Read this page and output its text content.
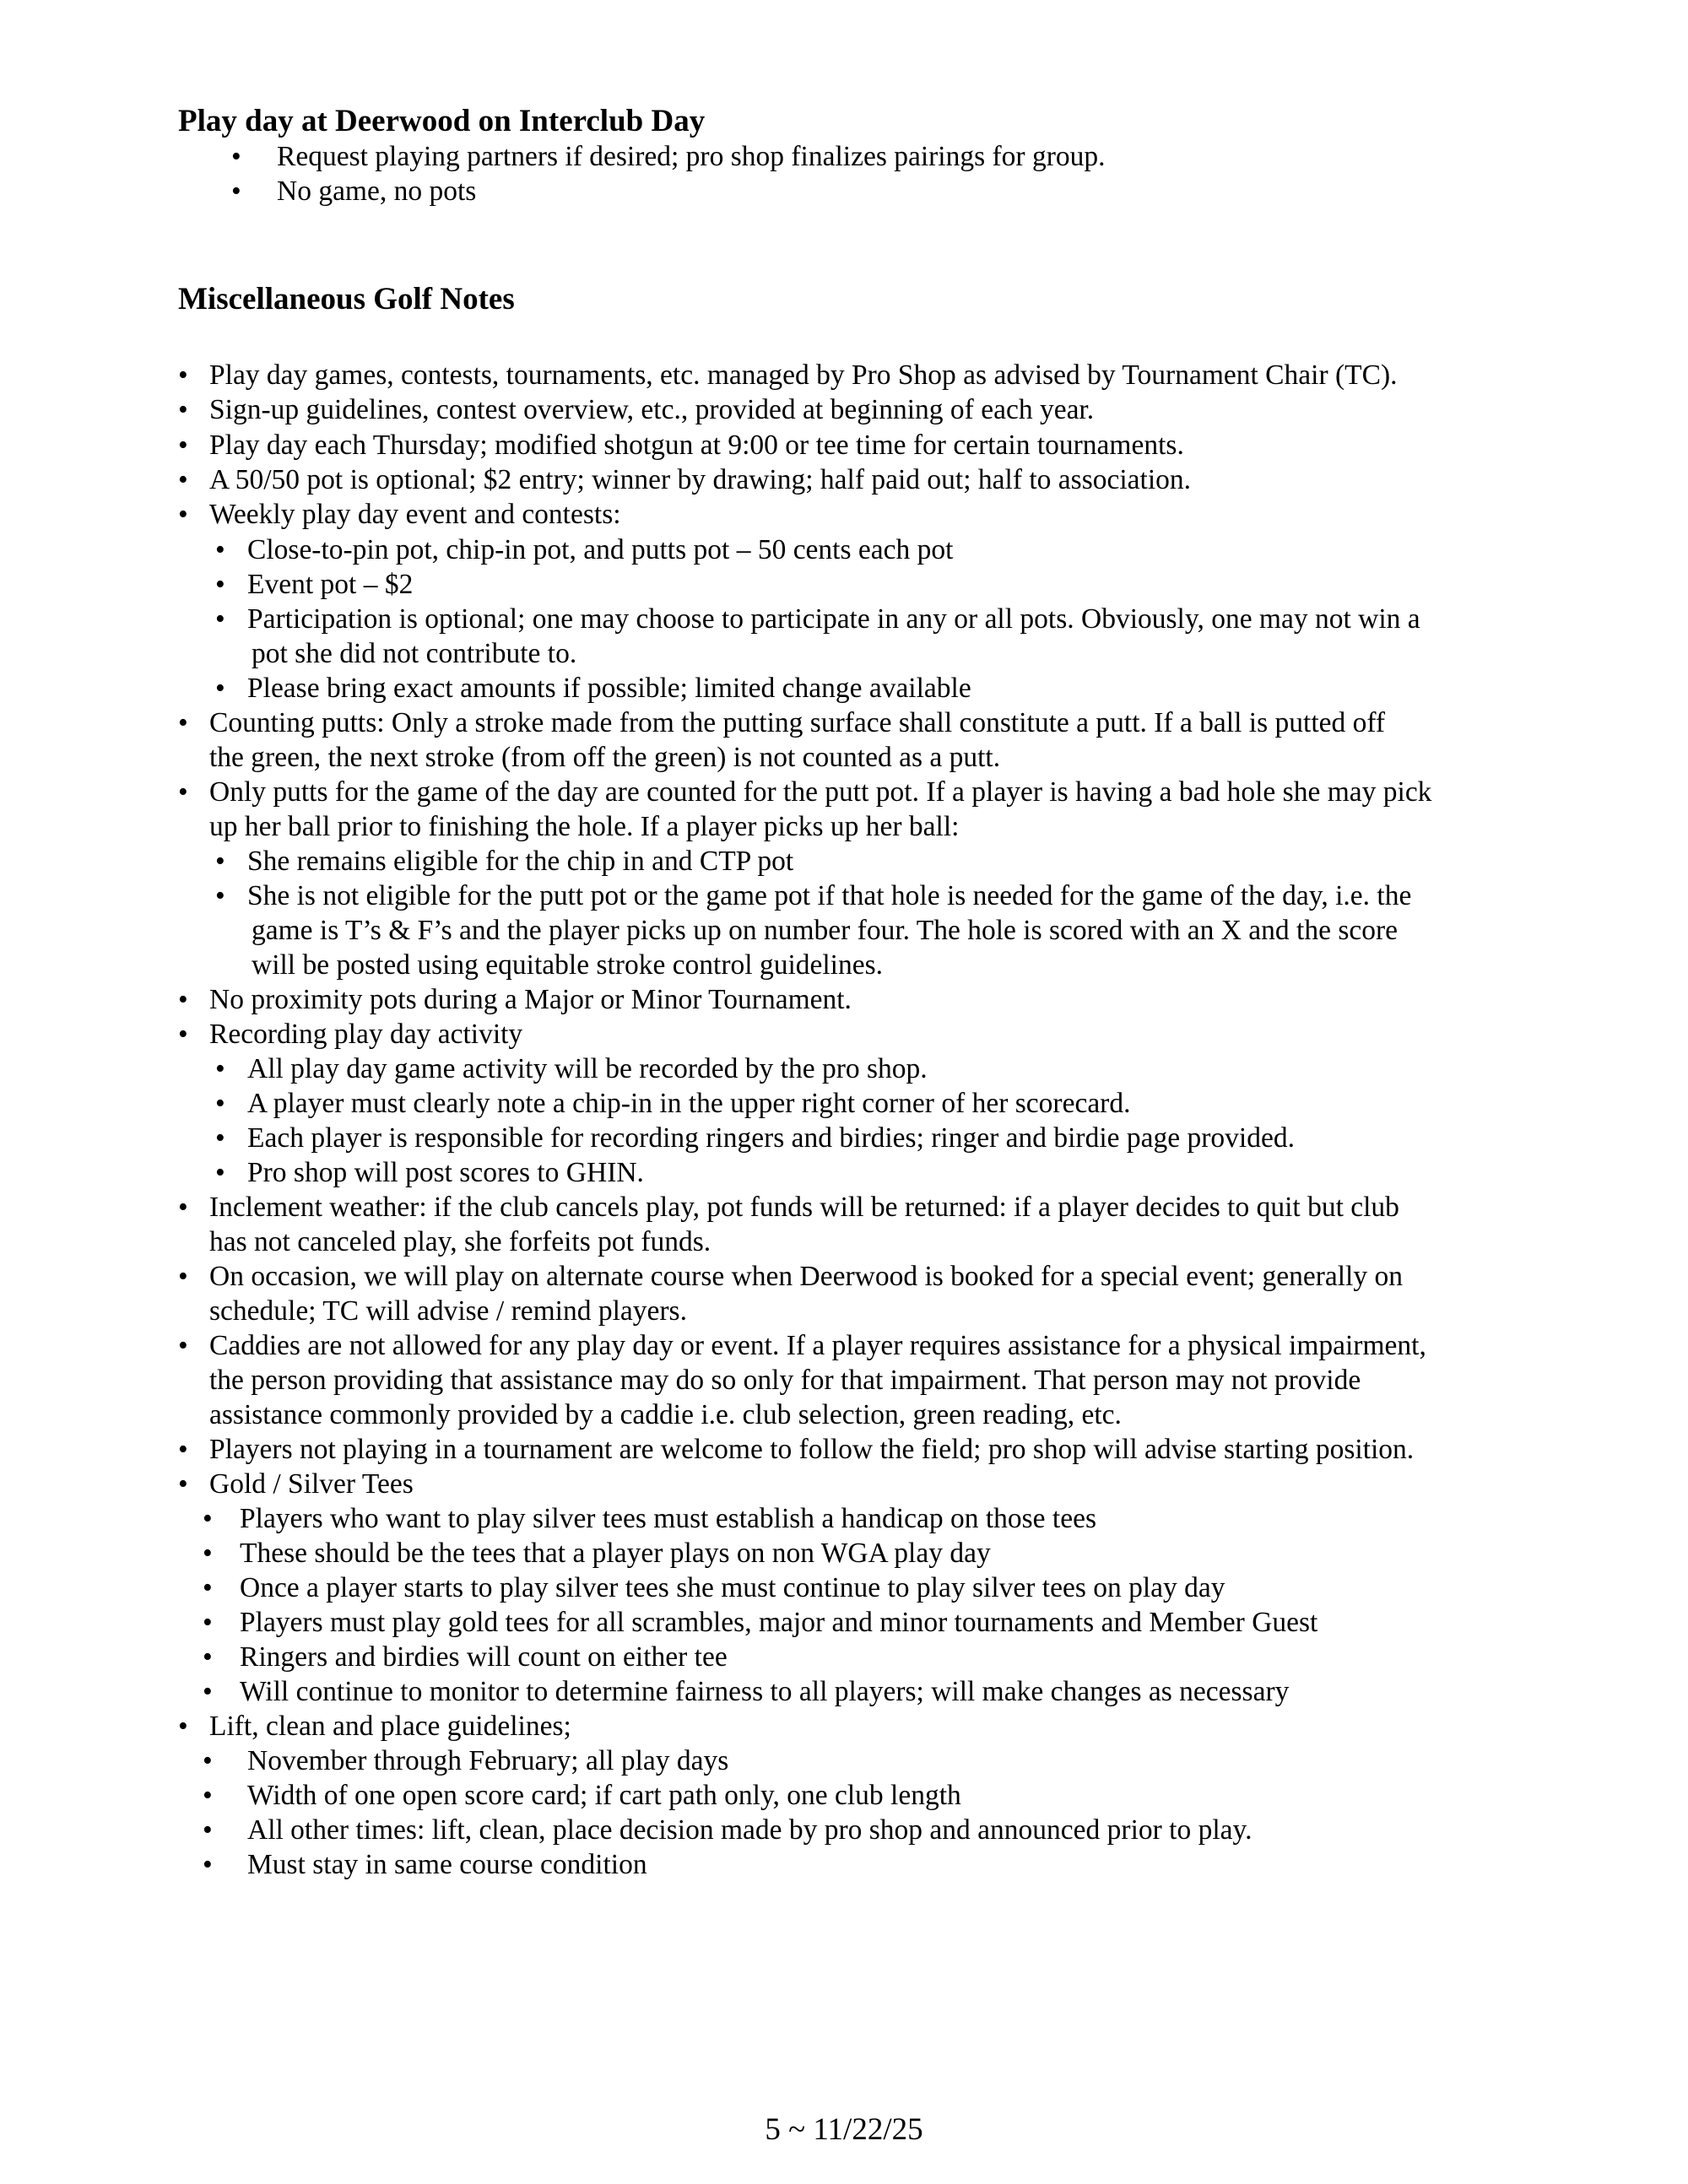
Play day at Deerwood on Interclub Day
• Request playing partners if desired; pro shop finalizes pairings for group.
• No game, no pots
Miscellaneous Golf Notes
• Play day games, contests, tournaments, etc. managed by Pro Shop as advised by Tournament Chair (TC).
• Sign-up guidelines, contest overview, etc., provided at beginning of each year.
• Play day each Thursday; modified shotgun at 9:00 or tee time for certain tournaments.
• A 50/50 pot is optional; $2 entry; winner by drawing; half paid out; half to association.
• Weekly play day event and contests:
• Close-to-pin pot, chip-in pot, and putts pot – 50 cents each pot
• Event pot – $2
• Participation is optional; one may choose to participate in any or all pots. Obviously, one may not win a
pot she did not contribute to.
• Please bring exact amounts if possible; limited change available
• Counting putts: Only a stroke made from the putting surface shall constitute a putt. If a ball is putted off
the green, the next stroke (from off the green) is not counted as a putt.
• Only putts for the game of the day are counted for the putt pot. If a player is having a bad hole she may pick
up her ball prior to finishing the hole. If a player picks up her ball:
• She remains eligible for the chip in and CTP pot
• She is not eligible for the putt pot or the game pot if that hole is needed for the game of the day, i.e. the
game is T’s & F’s and the player picks up on number four. The hole is scored with an X and the score
will be posted using equitable stroke control guidelines.
• No proximity pots during a Major or Minor Tournament.
• Recording play day activity
• All play day game activity will be recorded by the pro shop.
• A player must clearly note a chip-in in the upper right corner of her scorecard.
• Each player is responsible for recording ringers and birdies; ringer and birdie page provided.
• Pro shop will post scores to GHIN.
• Inclement weather: if the club cancels play, pot funds will be returned: if a player decides to quit but club
has not canceled play, she forfeits pot funds.
• On occasion, we will play on alternate course when Deerwood is booked for a special event; generally on
schedule; TC will advise / remind players.
• Caddies are not allowed for any play day or event. If a player requires assistance for a physical impairment,
the person providing that assistance may do so only for that impairment. That person may not provide
assistance commonly provided by a caddie i.e. club selection, green reading, etc.
• Players not playing in a tournament are welcome to follow the field; pro shop will advise starting position.
• Gold / Silver Tees
• Players who want to play silver tees must establish a handicap on those tees
• These should be the tees that a player plays on non WGA play day
• Once a player starts to play silver tees she must continue to play silver tees on play day
• Players must play gold tees for all scrambles, major and minor tournaments and Member Guest
• Ringers and birdies will count on either tee
• Will continue to monitor to determine fairness to all players; will make changes as necessary
• Lift, clean and place guidelines;
• November through February; all play days
• Width of one open score card; if cart path only, one club length
• All other times: lift, clean, place decision made by pro shop and announced prior to play.
• Must stay in same course condition
5 ~ 11/22/25
